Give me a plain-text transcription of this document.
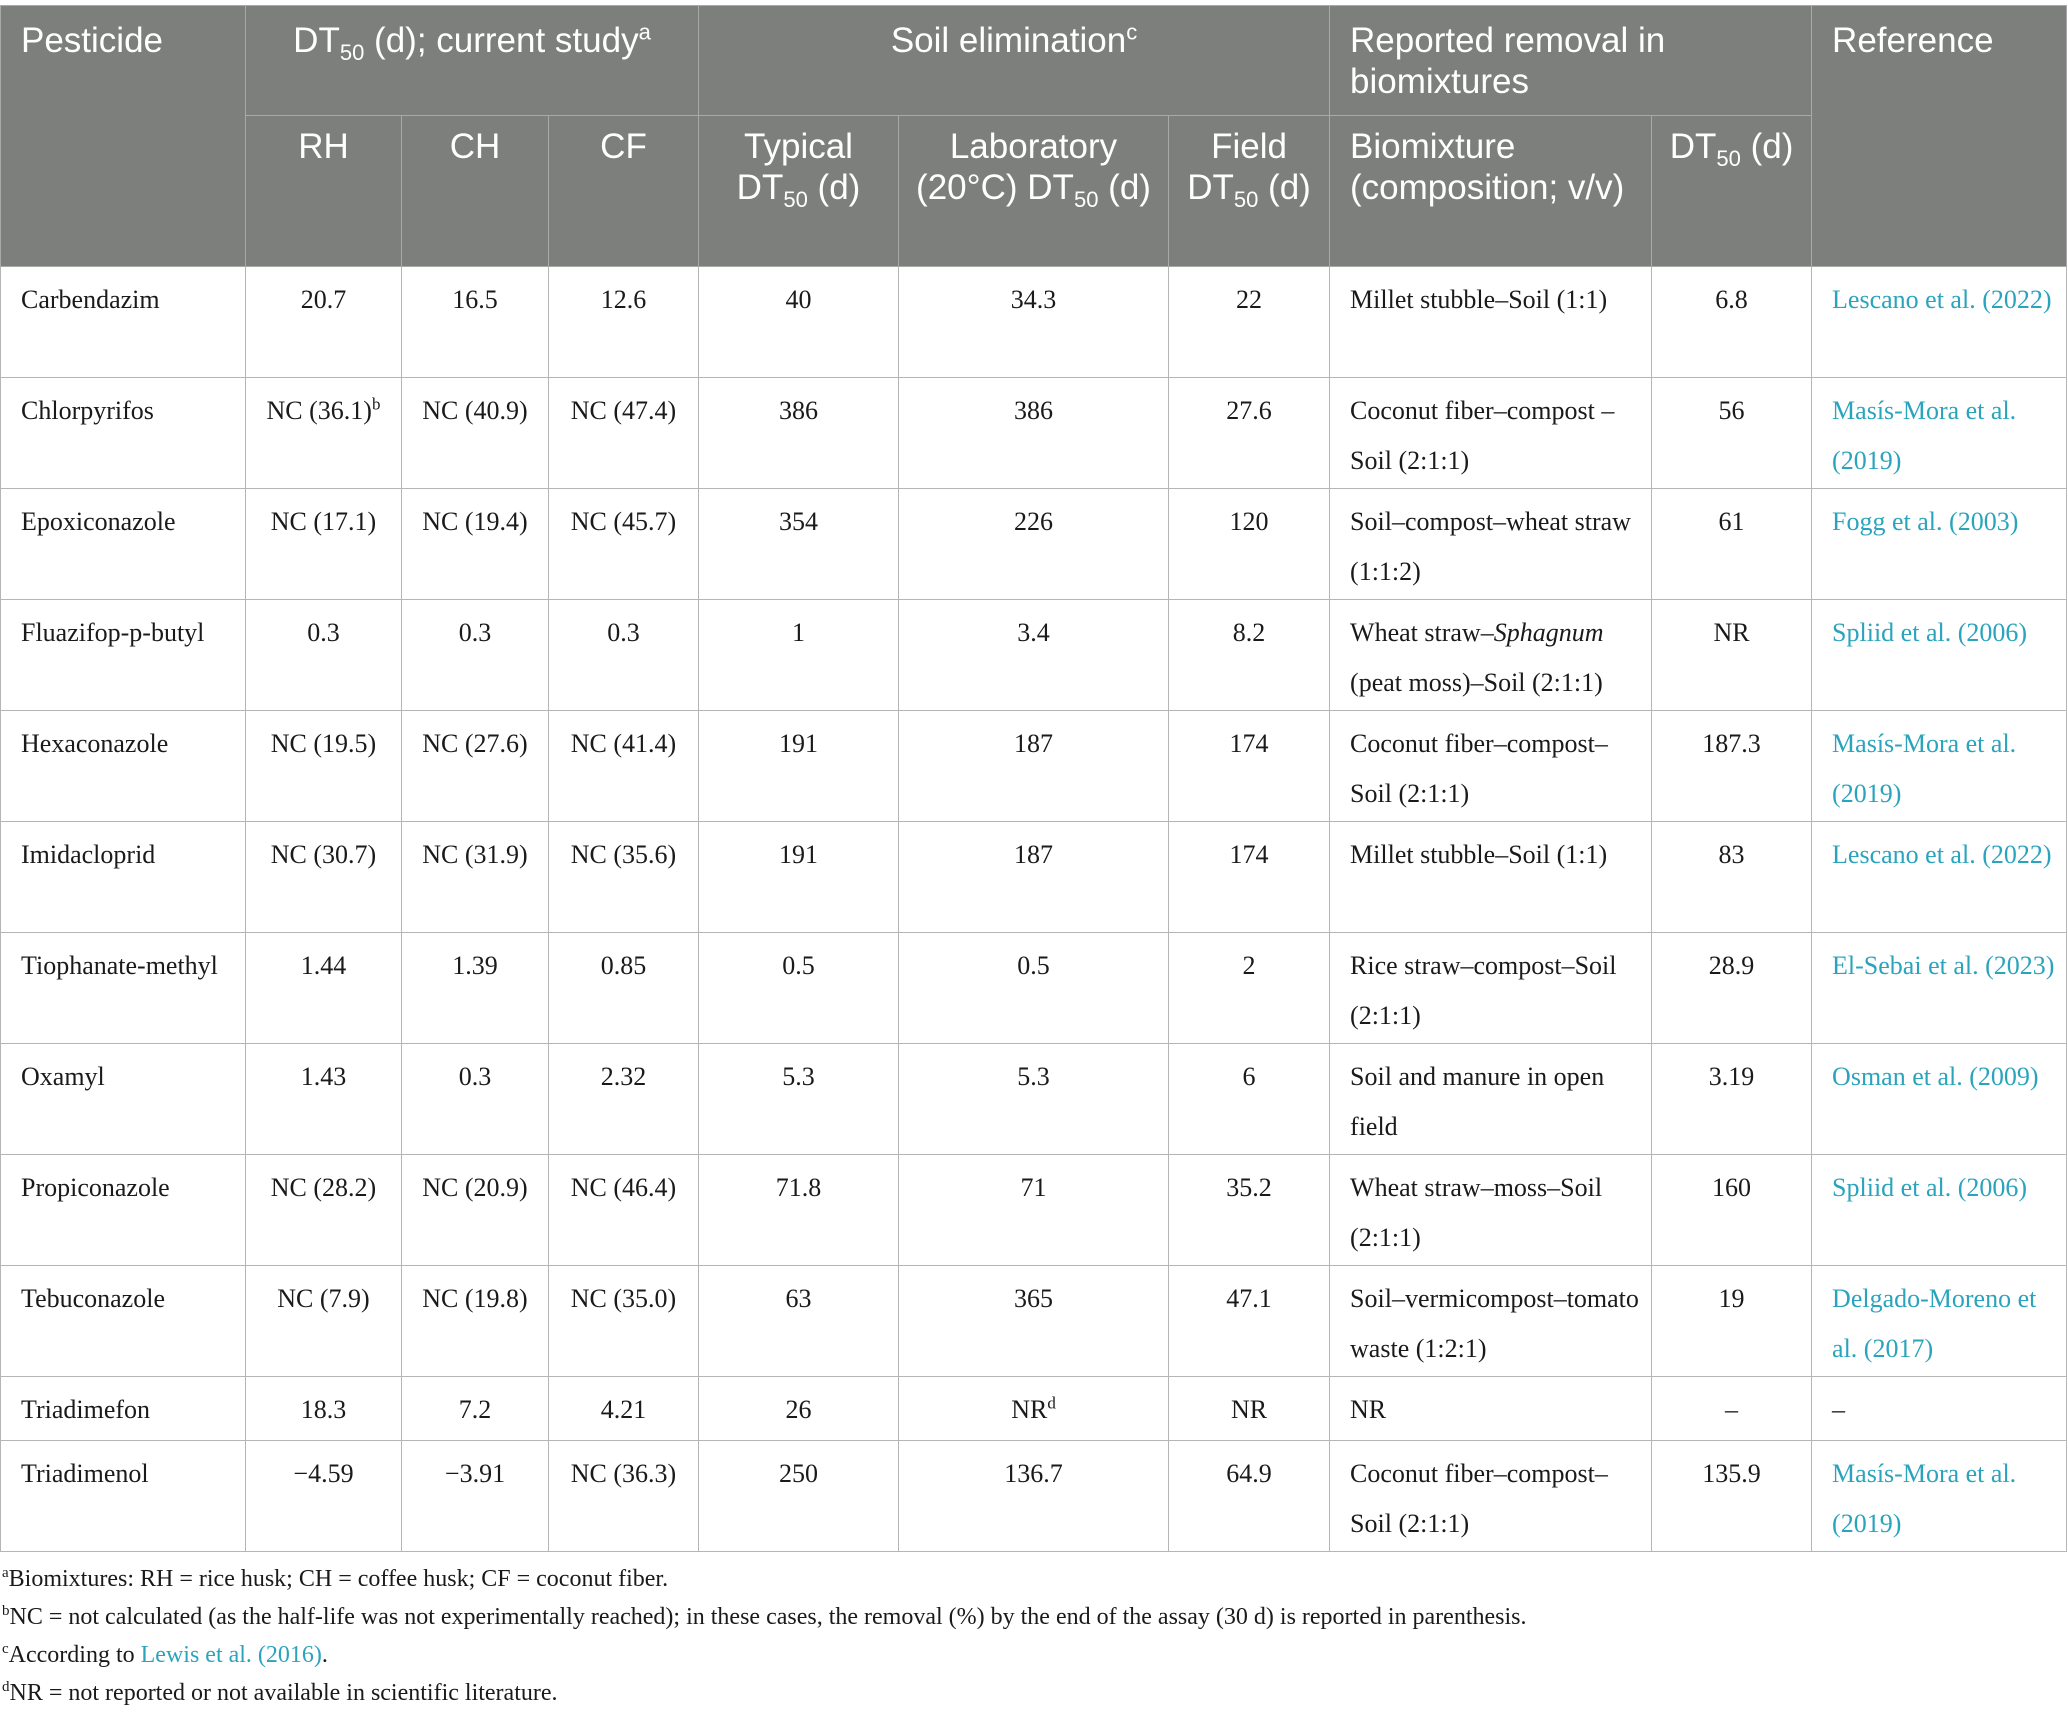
Pesticide	$DT_{50}$ (d); current study$^a$			Soil elimination$^c$			Reported removal in biomixtures		Reference
	RH	CH	CF	Typical $DT_{50}$ (d)	Laboratory (20°C) $DT_{50}$ (d)	Field $DT_{50}$ (d)	Biomixture (composition; v/v)	$DT_{50}$ (d)	
Carbendazim	20.7	16.5	12.6	40	34.3	22	Millet stubble–Soil (1:1)	6.8	Lescano et al. (2022)
Chlorpyrifos	NC $(36.1)^b$	NC (40.9)	NC (47.4)	386	386	27.6	Coconut fiber–compost – Soil (2:1:1)	56	Masís-Mora et al. (2019)
Epoxiconazole	NC (17.1)	NC (19.4)	NC (45.7)	354	226	120	Soil–compost–wheat straw (1:1:2)	61	Fogg et al. (2003)
Fluazifop-p-butyl	0.3	0.3	0.3	1	3.4	8.2	Wheat straw–Sphagnum (peat moss)–Soil (2:1:1)	NR	Spliid et al. (2006)
Hexaconazole	NC (19.5)	NC (27.6)	NC (41.4)	191	187	174	Coconut fiber–compost–Soil (2:1:1)	187.3	Masís-Mora et al. (2019)
Imidacloprid	NC (30.7)	NC (31.9)	NC (35.6)	191	187	174	Millet stubble–Soil (1:1)	83	Lescano et al. (2022)
Tiophanate-methyl	1.44	1.39	0.85	0.5	0.5	2	Rice straw–compost–Soil (2:1:1)	28.9	El-Sebai et al. (2023)
Oxamyl	1.43	0.3	2.32	5.3	5.3	6	Soil and manure in open field	3.19	Osman et al. (2009)
Propiconazole	NC (28.2)	NC (20.9)	NC (46.4)	71.8	71	35.2	Wheat straw–moss–Soil (2:1:1)	160	Spliid et al. (2006)
Tebuconazole	NC (7.9)	NC (19.8)	NC (35.0)	63	365	47.1	Soil–vermicompost–tomato waste (1:2:1)	19	Delgado-Moreno et al. (2017)
Triadimefon	18.3	7.2	4.21	26	$NR^d$	NR	NR	–	–
Triadimenol	−4.59	−3.91	NC (36.3)	250	136.7	64.9	Coconut fiber–compost–Soil (2:1:1)	135.9	Masís-Mora et al. (2019)
$^a$Biomixtures: RH = rice husk; CH = coffee husk; CF = coconut fiber.
$^b$NC = not calculated (as the half-life was not experimentally reached); in these cases, the removal (%) by the end of the assay (30 d) is reported in parenthesis.
$^c$According to Lewis et al. (2016).
$^d$NR = not reported or not available in scientific literature.
